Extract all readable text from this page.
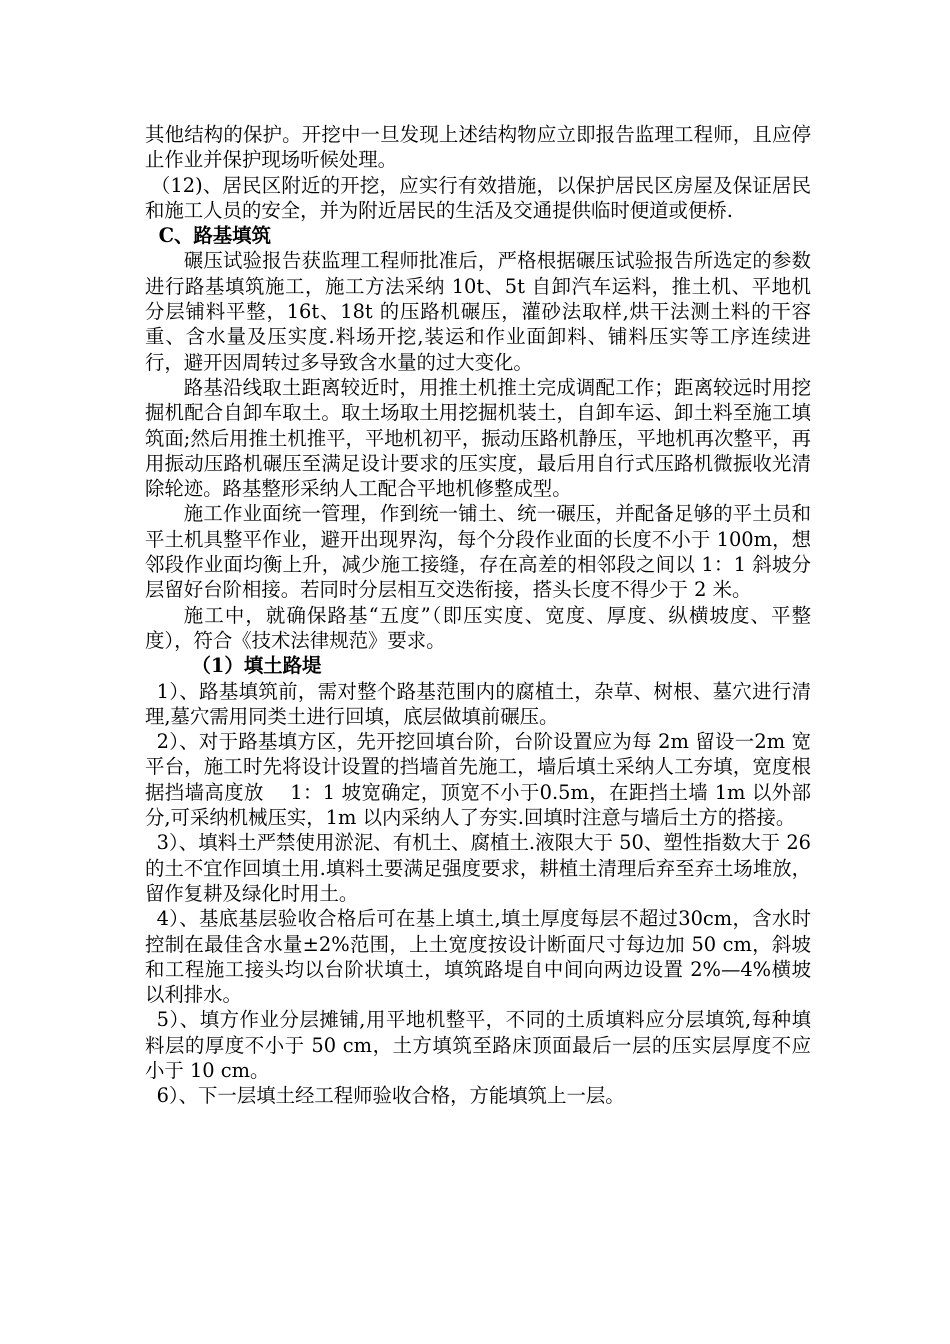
其他结构的保护。开挖中一旦发现上述结构物应立即报告监理工程师，且应停止作业并保护现场听候处理。

（12)、居民区附近的开挖，应实行有效措施，以保护居民区房屋及保证居民和施工人员的安全，并为附近居民的生活及交通提供临时便道或便桥.

C、路基填筑

碾压试验报告获监理工程师批准后，严格根据碾压试验报告所选定的参数进行路基填筑施工，施工方法采纳 10t、5t 自卸汽车运料，推土机、平地机分层铺料平整，16t、18t 的压路机碾压，灌砂法取样,烘干法测土料的干容重、含水量及压实度.料场开挖,装运和作业面卸料、铺料压实等工序连续进行，避开因周转过多导致含水量的过大变化。

路基沿线取土距离较近时，用推土机推土完成调配工作；距离较远时用挖掘机配合自卸车取土。取土场取土用挖掘机装土，自卸车运、卸土料至施工填筑面;然后用推土机推平，平地机初平，振动压路机静压，平地机再次整平，再用振动压路机碾压至满足设计要求的压实度，最后用自行式压路机微振收光清除轮迹。路基整形采纳人工配合平地机修整成型。

施工作业面统一管理，作到统一铺土、统一碾压，并配备足够的平土员和平土机具整平作业，避开出现界沟，每个分段作业面的长度不小于 100m，想邻段作业面均衡上升，减少施工接缝，存在高差的相邻段之间以 1：1 斜坡分层留好台阶相接。若同时分层相互交迭衔接，搭头长度不得少于 2 米。

施工中，就确保路基“五度”（即压实度、宽度、厚度、纵横坡度、平整度），符合《技术法律规范》要求。

（1）填土路堤

1）、路基填筑前，需对整个路基范围内的腐植土，杂草、树根、墓穴进行清理,墓穴需用同类土进行回填，底层做填前碾压。

2）、对于路基填方区，先开挖回填台阶，台阶设置应为每 2m 留设一2m 宽平台，施工时先将设计设置的挡墙首先施工，墙后填土采纳人工夯填，宽度根据挡墙高度放　 1：1 坡宽确定，顶宽不小于0.5m，在距挡土墙 1m 以外部分,可采纳机械压实，1m 以内采纳人了夯实.回填时注意与墙后土方的搭接。

3）、填料土严禁使用淤泥、有机土、腐植土.液限大于 50、塑性指数大于 26 的土不宜作回填土用.填料土要满足强度要求，耕植土清理后弃至弃土场堆放，留作复耕及绿化时用土。

4）、基底基层验收合格后可在基上填土,填土厚度每层不超过30cm，含水时控制在最佳含水量±2%范围，上土宽度按设计断面尺寸每边加 50 cm，斜坡和工程施工接头均以台阶状填土，填筑路堤自中间向两边设置 2%—4%横坡以利排水。

5）、填方作业分层摊铺,用平地机整平，不同的土质填料应分层填筑,每种填料层的厚度不小于 50 cm，土方填筑至路床顶面最后一层的压实层厚度不应小于 10 cm。

6）、下一层填土经工程师验收合格，方能填筑上一层。
